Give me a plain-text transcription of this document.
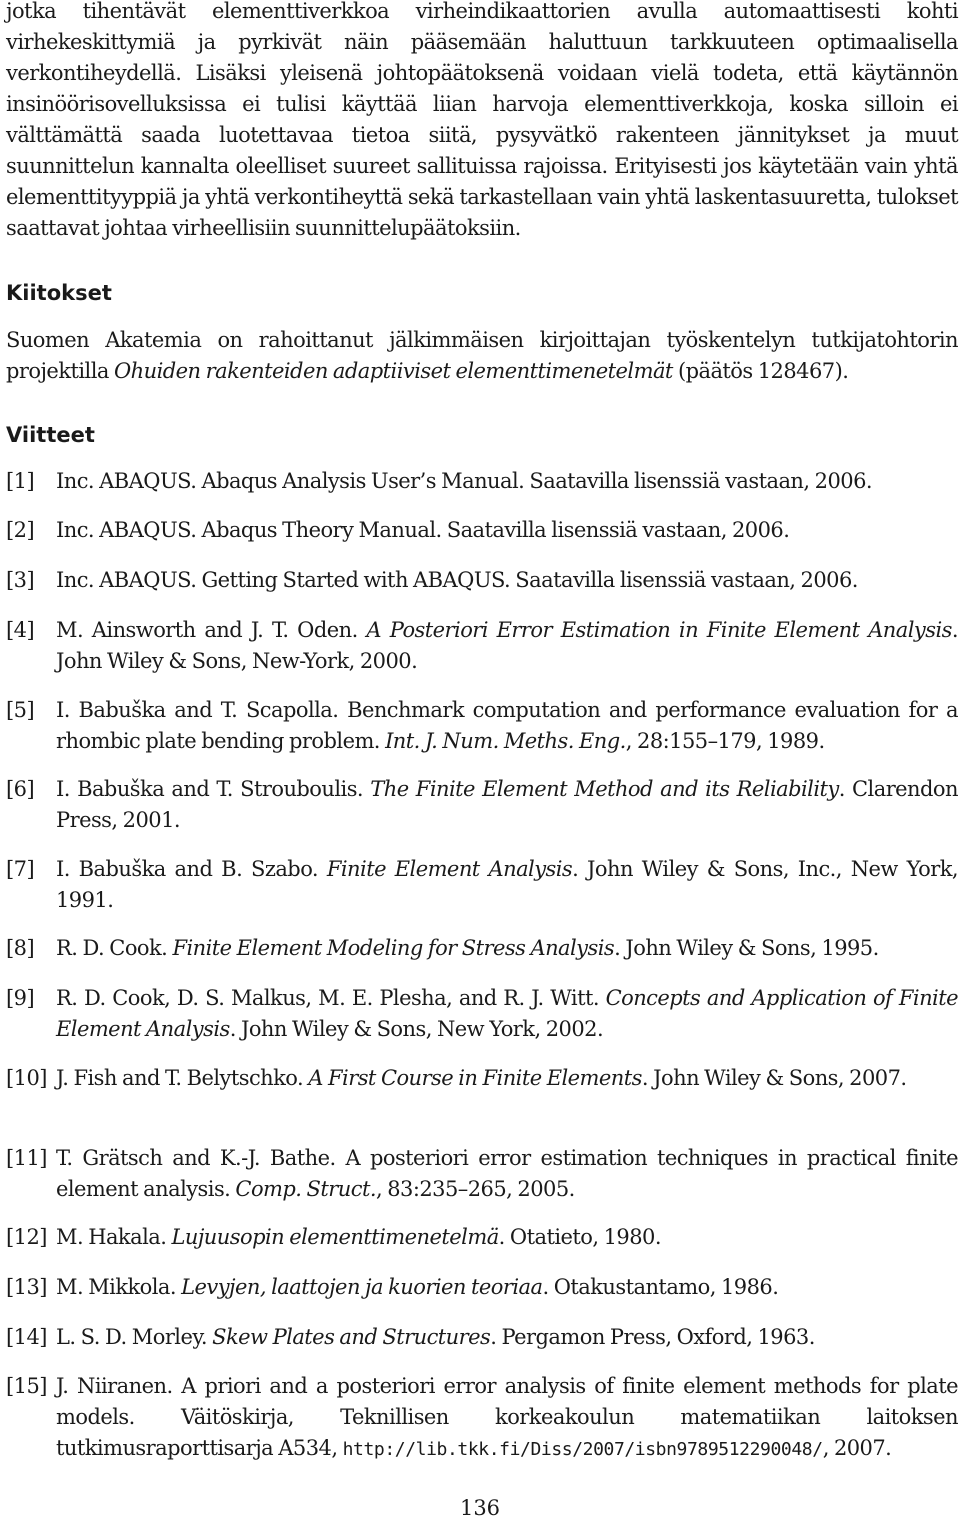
jotka tihentävät elementtiverkkoa virheindikaattorien avulla automaattisesti kohti virhekeskittymiä ja pyrkivät näin pääsemään haluttuun tarkkuuteen optimaalisella verkontiheydellä. Lisäksi yleisenä johtopäätoksenä voidaan vielä todeta, että käytännön insinöörisovelluksissa ei tulisi käyttää liian harvoja elementtiverkkoja, koska silloin ei välttämättä saada luotettavaa tietoa siitä, pysyvätkö rakenteen jännitykset ja muut suunnittelun kannalta oleelliset suureet sallituissa rajoissa. Erityisesti jos käytetään vain yhtä elementtityyppiä ja yhtä verkontiheyttä sekä tarkastellaan vain yhtä laskentasuuretta, tulokset saattavat johtaa virheellisiin suunnittelupäätoksiin.

Kiitokset

Suomen Akatemia on rahoittanut jälkimmäisen kirjoittajan työskentelyn tutkijatohtorin projektilla Ohuiden rakenteiden adaptiiviset elementtimenetelmät (päätös 128467).

Viitteet
[1] Inc. ABAQUS. Abaqus Analysis User’s Manual. Saatavilla lisenssiä vastaan, 2006.
[2] Inc. ABAQUS. Abaqus Theory Manual. Saatavilla lisenssiä vastaan, 2006.
[3] Inc. ABAQUS. Getting Started with ABAQUS. Saatavilla lisenssiä vastaan, 2006.
[4] M. Ainsworth and J. T. Oden. A Posteriori Error Estimation in Finite Element Analysis. John Wiley & Sons, New-York, 2000.
[5] I. Babuška and T. Scapolla. Benchmark computation and performance evaluation for a rhombic plate bending problem. Int. J. Num. Meths. Eng., 28:155–179, 1989.
[6] I. Babuška and T. Strouboulis. The Finite Element Method and its Reliability. Clarendon Press, 2001.
[7] I. Babuška and B. Szabo. Finite Element Analysis. John Wiley & Sons, Inc., New York, 1991.
[8] R. D. Cook. Finite Element Modeling for Stress Analysis. John Wiley & Sons, 1995.
[9] R. D. Cook, D. S. Malkus, M. E. Plesha, and R. J. Witt. Concepts and Application of Finite Element Analysis. John Wiley & Sons, New York, 2002.
[10] J. Fish and T. Belytschko. A First Course in Finite Elements. John Wiley & Sons, 2007.
[11] T. Grätsch and K.-J. Bathe. A posteriori error estimation techniques in practical finite element analysis. Comp. Struct., 83:235–265, 2005.
[12] M. Hakala. Lujuusopin elementtimenetelmä. Otatieto, 1980.
[13] M. Mikkola. Levyjen, laattojen ja kuorien teoriaa. Otakustantamo, 1986.
[14] L. S. D. Morley. Skew Plates and Structures. Pergamon Press, Oxford, 1963.
[15] J. Niiranen. A priori and a posteriori error analysis of finite element methods for plate models. Väitöskirja, Teknillisen korkeakoulun matematiikan laitoksen tutkimusraporttisarja A534, http://lib.tkk.fi/Diss/2007/isbn9789512290048/, 2007.
136
